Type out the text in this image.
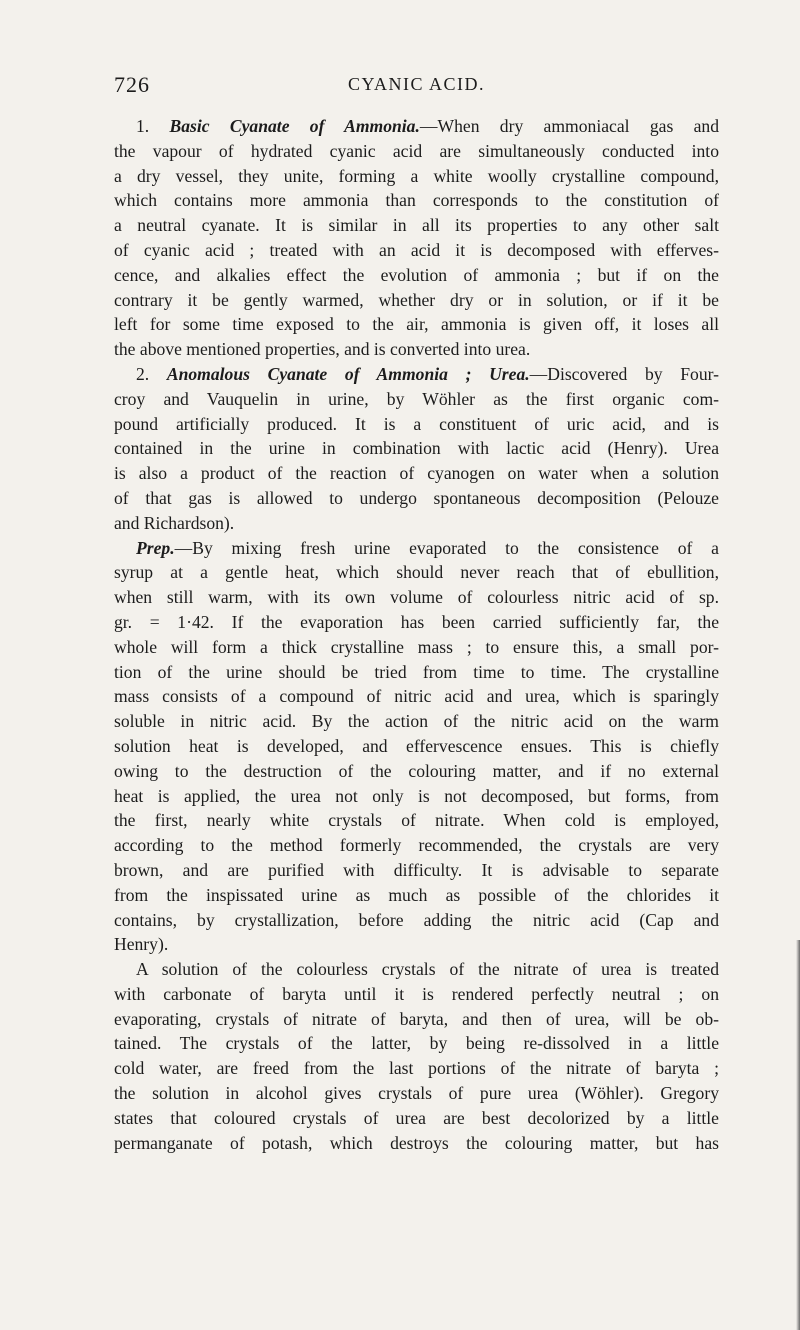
726	CYANIC ACID.
1. Basic Cyanate of Ammonia.—When dry ammoniacal gas and
the vapour of hydrated cyanic acid are simultaneously conducted into
a dry vessel, they unite, forming a white woolly crystalline compound,
which contains more ammonia than corresponds to the constitution of
a neutral cyanate. It is similar in all its properties to any other salt
of cyanic acid ; treated with an acid it is decomposed with efferves-
cence, and alkalies effect the evolution of ammonia ; but if on the
contrary it be gently warmed, whether dry or in solution, or if it be
left for some time exposed to the air, ammonia is given off, it loses all
the above mentioned properties, and is converted into urea.
2. Anomalous Cyanate of Ammonia ; Urea.—Discovered by Four-
croy and Vauquelin in urine, by Wöhler as the first organic com-
pound artificially produced. It is a constituent of uric acid, and is
contained in the urine in combination with lactic acid (Henry). Urea
is also a product of the reaction of cyanogen on water when a solution
of that gas is allowed to undergo spontaneous decomposition (Pelouze
and Richardson).
Prep.—By mixing fresh urine evaporated to the consistence of a
syrup at a gentle heat, which should never reach that of ebullition,
when still warm, with its own volume of colourless nitric acid of sp.
gr. = 1·42. If the evaporation has been carried sufficiently far, the
whole will form a thick crystalline mass ; to ensure this, a small por-
tion of the urine should be tried from time to time. The crystalline
mass consists of a compound of nitric acid and urea, which is sparingly
soluble in nitric acid. By the action of the nitric acid on the warm
solution heat is developed, and effervescence ensues. This is chiefly
owing to the destruction of the colouring matter, and if no external
heat is applied, the urea not only is not decomposed, but forms, from
the first, nearly white crystals of nitrate. When cold is employed,
according to the method formerly recommended, the crystals are very
brown, and are purified with difficulty. It is advisable to separate
from the inspissated urine as much as possible of the chlorides it
contains, by crystallization, before adding the nitric acid (Cap and
Henry).
A solution of the colourless crystals of the nitrate of urea is treated
with carbonate of baryta until it is rendered perfectly neutral ; on
evaporating, crystals of nitrate of baryta, and then of urea, will be ob-
tained. The crystals of the latter, by being re-dissolved in a little
cold water, are freed from the last portions of the nitrate of baryta ;
the solution in alcohol gives crystals of pure urea (Wöhler). Gregory
states that coloured crystals of urea are best decolorized by a little
permanganate of potash, which destroys the colouring matter, but has
